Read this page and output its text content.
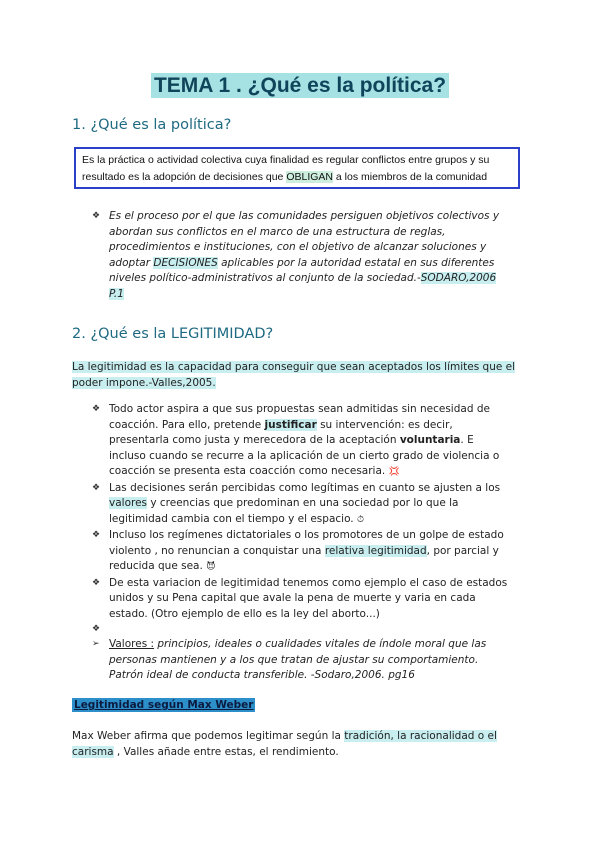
TEMA 1 . ¿Qué es la política?
1. ¿Qué es la política?
Es la práctica o actividad colectiva cuya finalidad es regular conflictos entre grupos y su resultado es la adopción de decisiones que OBLIGAN a los miembros de la comunidad
❖ Es el proceso por el que las comunidades persiguen objetivos colectivos y abordan sus conflictos en el marco de una estructura de reglas, procedimientos e instituciones, con el objetivo de alcanzar soluciones y adoptar DECISIONES aplicables por la autoridad estatal en sus diferentes niveles político-administrativos al conjunto de la sociedad.-SODARO,2006 P.1
2. ¿Qué es la LEGITIMIDAD?
La legitimidad es la capacidad para conseguir que sean aceptados los límites que el poder impone.-Valles,2005.
❖ Todo actor aspira a que sus propuestas sean admitidas sin necesidad de coacción. Para ello, pretende justificar su intervención: es decir, presentarla como justa y merecedora de la aceptación voluntaria. E incluso cuando se recurre a la aplicación de un cierto grado de violencia o coacción se presenta esta coacción como necesaria. 💢
❖ Las decisiones serán percibidas como legítimas en cuanto se ajusten a los valores y creencias que predominan en una sociedad por lo que la legitimidad cambia con el tiempo y el espacio. ⏱
❖ Incluso los regímenes dictatoriales o los promotores de un golpe de estado violento , no renuncian a conquistar una relativa legitimidad, por parcial y reducida que sea. 😈
❖ De esta variacion de legitimidad tenemos como ejemplo el caso de estados unidos y su Pena capital que avale la pena de muerte y varia en cada estado. (Otro ejemplo de ello es la ley del aborto...)
❖
➢ Valores : principios, ideales o cualidades vitales de índole moral que las personas mantienen y a los que tratan de ajustar su comportamiento. Patrón ideal de conducta transferible. -Sodaro,2006. pg16
Legitimidad según Max Weber
Max Weber afirma que podemos legitimar según la tradición, la racionalidad o el carisma , Valles añade entre estas, el rendimiento.
